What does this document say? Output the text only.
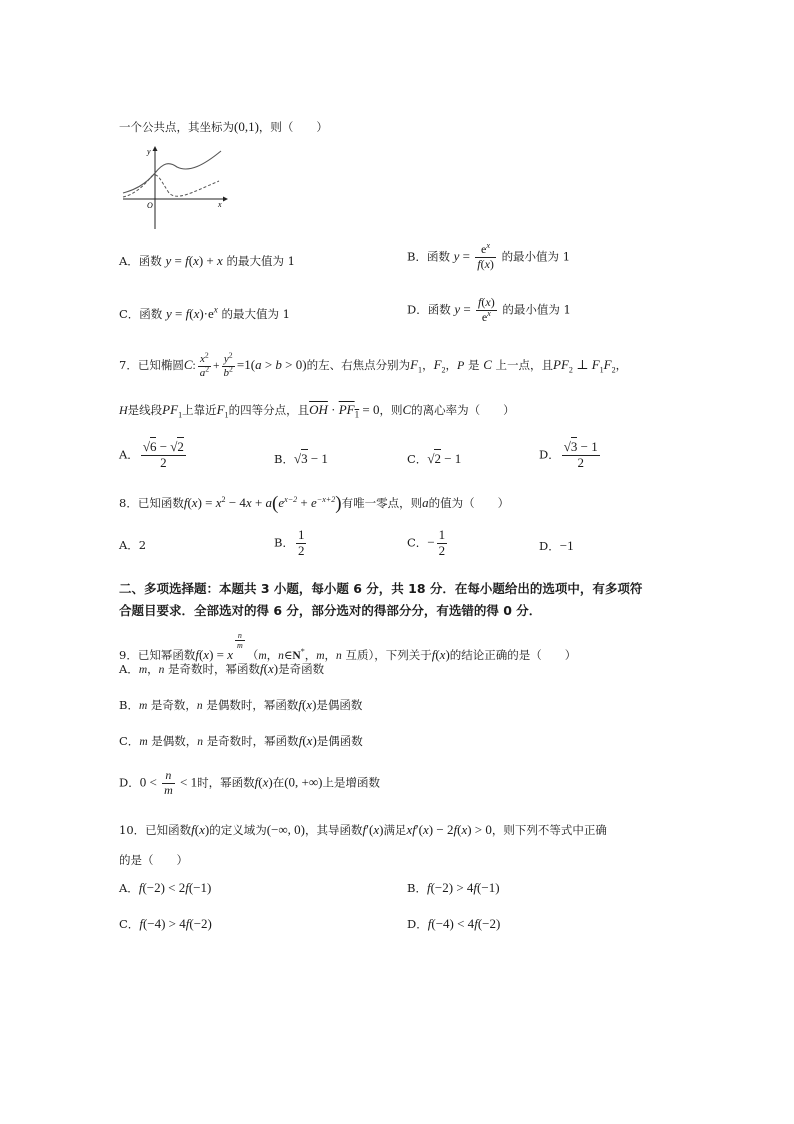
一个公共点，其坐标为(0,1)，则（　　）
y
x
O
A．函数 y = f(x) + x 的最大值为 1	B．函数 $y = \frac{e^x}{f(x)}$ 的最小值为 1
C．函数 $y = f(x)\cdot e^x$ 的最大值为 1	D．函数 $y = \frac{f(x)}{e^x}$ 的最小值为 1
7．已知椭圆C: $\frac{x^2}{a^2} + \frac{y^2}{b^2} =1(a > b > 0)$的左、右焦点分别为$F_1$，$F_2$，P 是 C 上一点，且$PF_2$ ⊥ $F_1F_2$，
H是线段$PF_1$上靠近$F_1$的四等分点，且$\overline{OH} \cdot PF_1 = 0$，则C的离心率为（　　）
A． $\frac{√6 - √2}{2}$	B．√3 − 1	C．√2 − 1	D． $\frac{√3 - 1}{2}$
8．已知函数$f(x) = x^2 - 4x + a(e^{x-2} + e^{-x+2})$有唯一零点，则a的值为（　　）
A．2	B． $\frac{1}{2}$	C．− $\frac{1}{2}$	D．−1
二、多项选择题：本题共 3 小题，每小题 6 分，共 18 分．在每小题给出的选项中，有多项符
合题目要求．全部选对的得 6 分，部分选对的得部分分，有选错的得 0 分．
9．已知幂函数f(x) = x
$^{\frac{n}{m}}$
（m，n∈N*，m，n 互质），下列关于f(x)的结论正确的是（　　）
A．m，n 是奇数时，幂函数f(x)是奇函数
B．m 是奇数，n 是偶数时，幂函数f(x)是偶函数
C．m 是偶数，n 是奇数时，幂函数f(x)是偶函数
D．$0 < \frac{n}{m} < 1$时，幂函数f(x)在(0, +∞)上是增函数
10．已知函数f(x)的定义域为(−∞, 0)，其导函数f′(x)满足xf′(x) − 2f(x) > 0，则下列不等式中正确
的是（　　）
A．f(−2) < 2f(−1)	B．f(−2) > 4f(−1)
C．f(−4) > 4f(−2)	D．f(−4) < 4f(−2)
